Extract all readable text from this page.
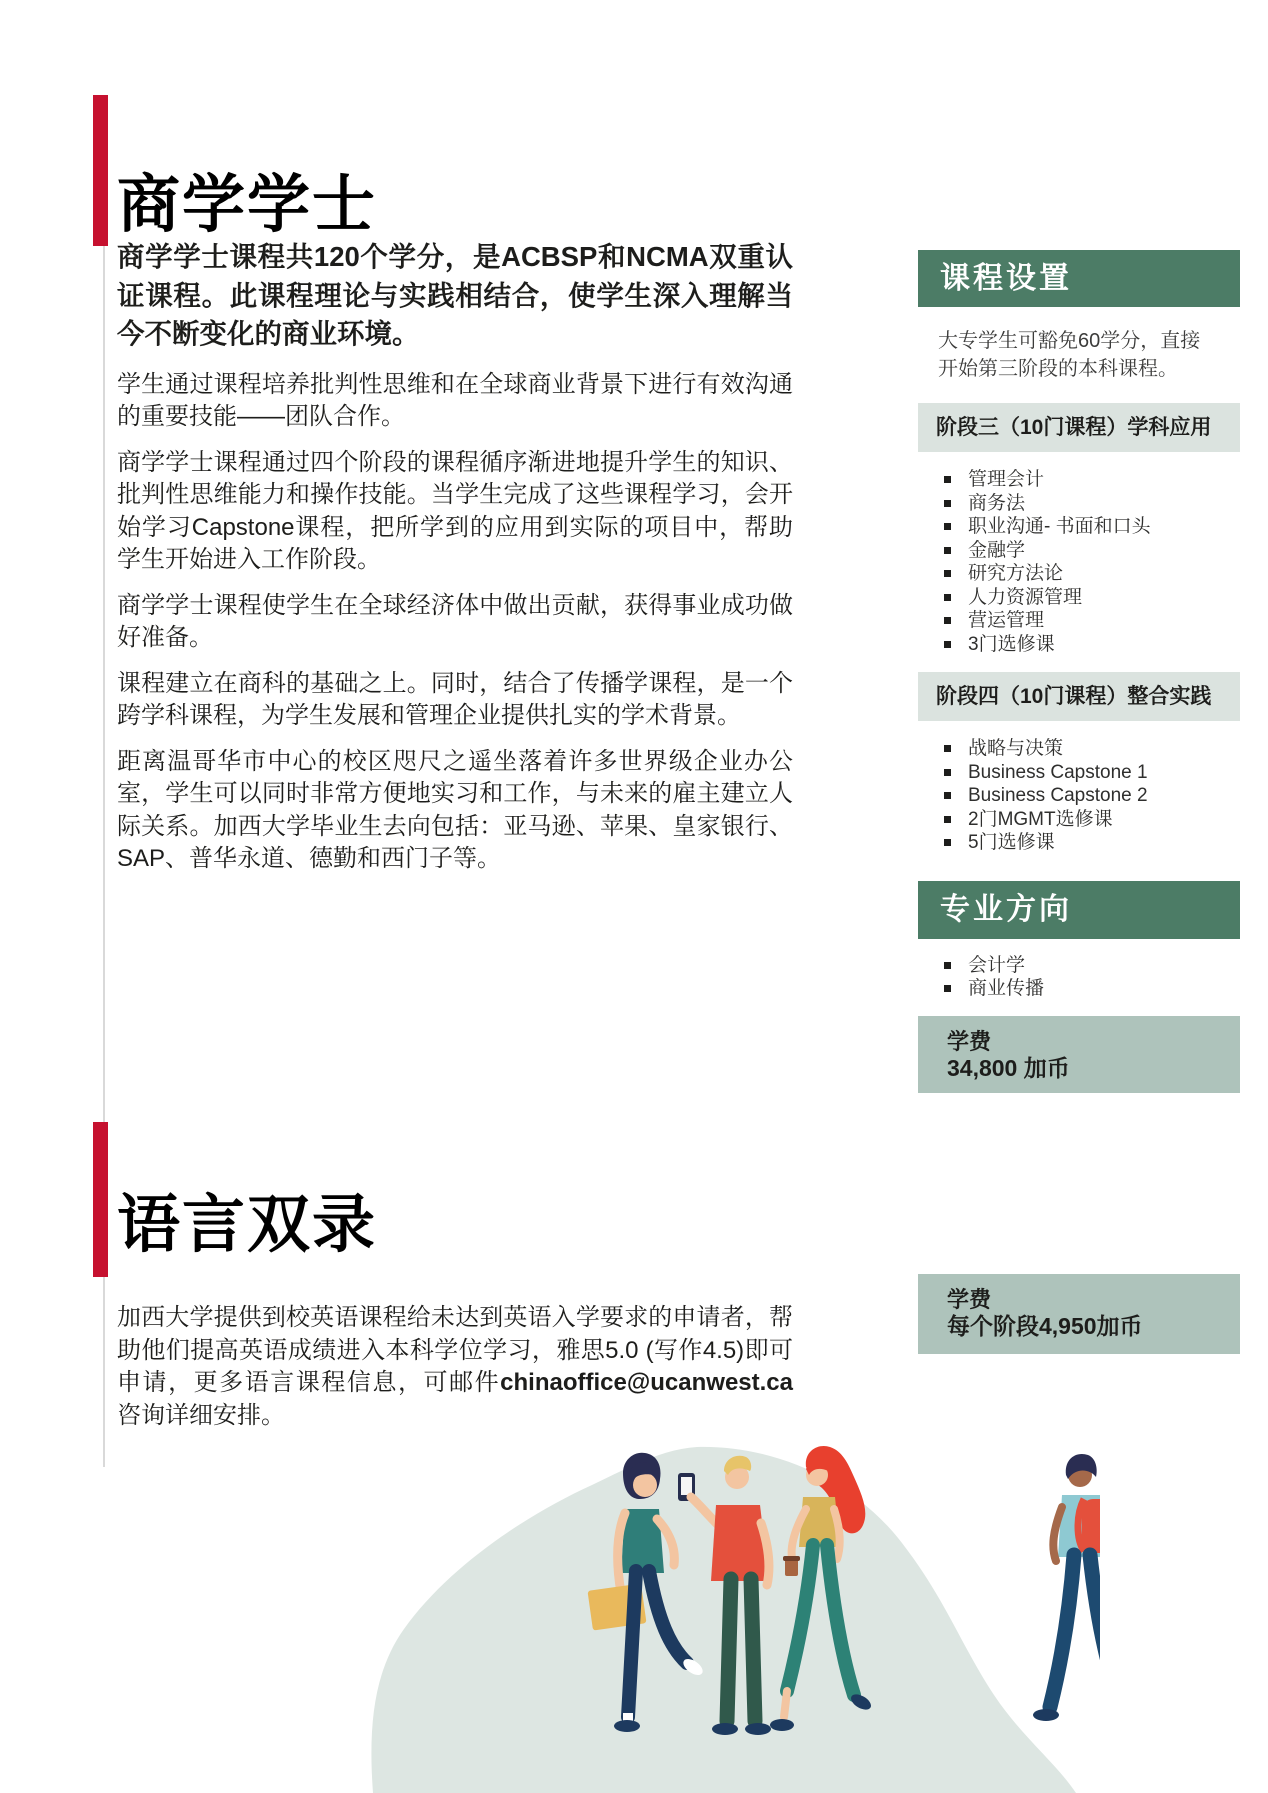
商学学士

商学学士课程共120个学分，是ACBSP和NCMA双重认证课程。此课程理论与实践相结合，使学生深入理解当今不断变化的商业环境。

学生通过课程培养批判性思维和在全球商业背景下进行有效沟通的重要技能——团队合作。

商学学士课程通过四个阶段的课程循序渐进地提升学生的知识、批判性思维能力和操作技能。当学生完成了这些课程学习，会开始学习Capstone课程，把所学到的应用到实际的项目中，帮助学生开始进入工作阶段。

商学学士课程使学生在全球经济体中做出贡献，获得事业成功做好准备。

课程建立在商科的基础之上。同时，结合了传播学课程，是一个跨学科课程，为学生发展和管理企业提供扎实的学术背景。

距离温哥华市中心的校区咫尺之遥坐落着许多世界级企业办公室，学生可以同时非常方便地实习和工作，与未来的雇主建立人际关系。加西大学毕业生去向包括：亚马逊、苹果、皇家银行、SAP、普华永道、德勤和西门子等。

课程设置
大专学生可豁免60学分，直接开始第三阶段的本科课程。
阶段三（10门课程）学科应用
管理会计
商务法
职业沟通- 书面和口头
金融学
研究方法论
人力资源管理
营运管理
3门选修课
阶段四（10门课程）整合实践
战略与决策
Business Capstone 1
Business Capstone 2
2门MGMT选修课
5门选修课
专业方向
会计学
商业传播
学费
34,800 加币
学费
每个阶段4,950加币
语言双录

加西大学提供到校英语课程给未达到英语入学要求的申请者，帮助他们提高英语成绩进入本科学位学习，雅思5.0 (写作4.5)即可申请，更多语言课程信息，可邮件chinaoffice@ucanwest.ca咨询详细安排。
